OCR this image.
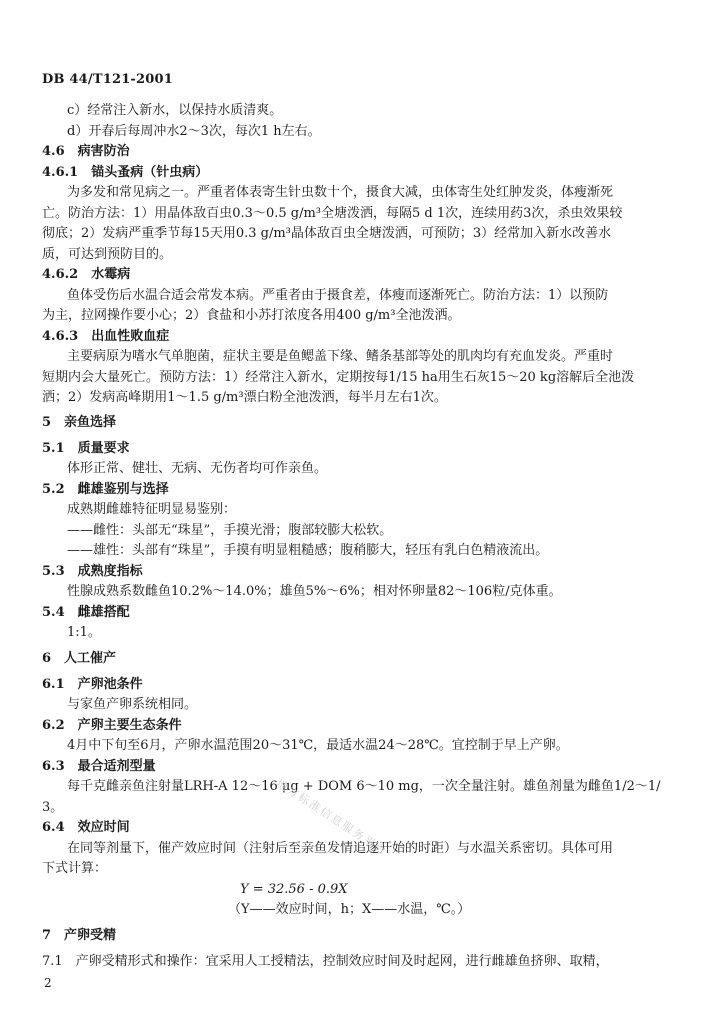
DB 44/T121-2001
c）经常注入新水，以保持水质清爽。
d）开春后每周冲水2～3次，每次1 h左右。
4.6　病害防治
4.6.1　锚头蚤病（针虫病）
为多发和常见病之一。严重者体表寄生针虫数十个，摄食大减，虫体寄生处红肿发炎，体瘦渐死
亡。防治方法：1）用晶体敌百虫0.3～0.5 g/m³全塘泼洒，每隔5 d 1次，连续用药3次，杀虫效果较
彻底；2）发病严重季节每15天用0.3 g/m³晶体敌百虫全塘泼洒，可预防；3）经常加入新水改善水
质，可达到预防目的。
4.6.2　水霉病
鱼体受伤后水温合适会常发本病。严重者由于摄食差，体瘦而逐渐死亡。防治方法：1）以预防
为主，拉网操作要小心；2）食盐和小苏打浓度各用400 g/m³全池泼洒。
4.6.3　出血性败血症
主要病原为嗜水气单胞菌，症状主要是鱼鳃盖下缘、鳍条基部等处的肌肉均有充血发炎。严重时
短期内会大量死亡。预防方法：1）经常注入新水，定期按每1/15 ha用生石灰15～20 kg溶解后全池泼
洒；2）发病高峰期用1～1.5 g/m³漂白粉全池泼洒，每半月左右1次。
5　亲鱼选择
5.1　质量要求
体形正常、健壮、无病、无伤者均可作亲鱼。
5.2　雌雄鉴别与选择
成熟期雌雄特征明显易鉴别：
——雌性：头部无“珠星”，手摸光滑；腹部较膨大松软。
——雄性：头部有“珠星”，手摸有明显粗糙感；腹稍膨大，轻压有乳白色精液流出。
5.3　成熟度指标
性腺成熟系数雌鱼10.2%～14.0%；雄鱼5%～6%；相对怀卵量82～106粒/克体重。
5.4　雌雄搭配
1:1。
6　人工催产
6.1　产卵池条件
与家鱼产卵系统相同。
6.2　产卵主要生态条件
4月中下旬至6月，产卵水温范围20～31℃，最适水温24～28℃。宜控制于早上产卵。
6.3　最合适剂型量
每千克雌亲鱼注射量LRH-A 12～16 μg + DOM 6～10 mg，一次全量注射。雄鱼剂量为雌鱼1/2～1/
3。
6.4　效应时间
在同等剂量下，催产效应时间（注射后至亲鱼发情追逐开始的时距）与水温关系密切。具体可用
下式计算：
Y = 32.56 - 0.9X
（Y——效应时间，h；X——水温，℃。）
7　产卵受精
7.1　产卵受精形式和操作：宜采用人工授精法，控制效应时间及时起网，进行雌雄鱼挤卵、取精，
2
地方标准信息服务平台
